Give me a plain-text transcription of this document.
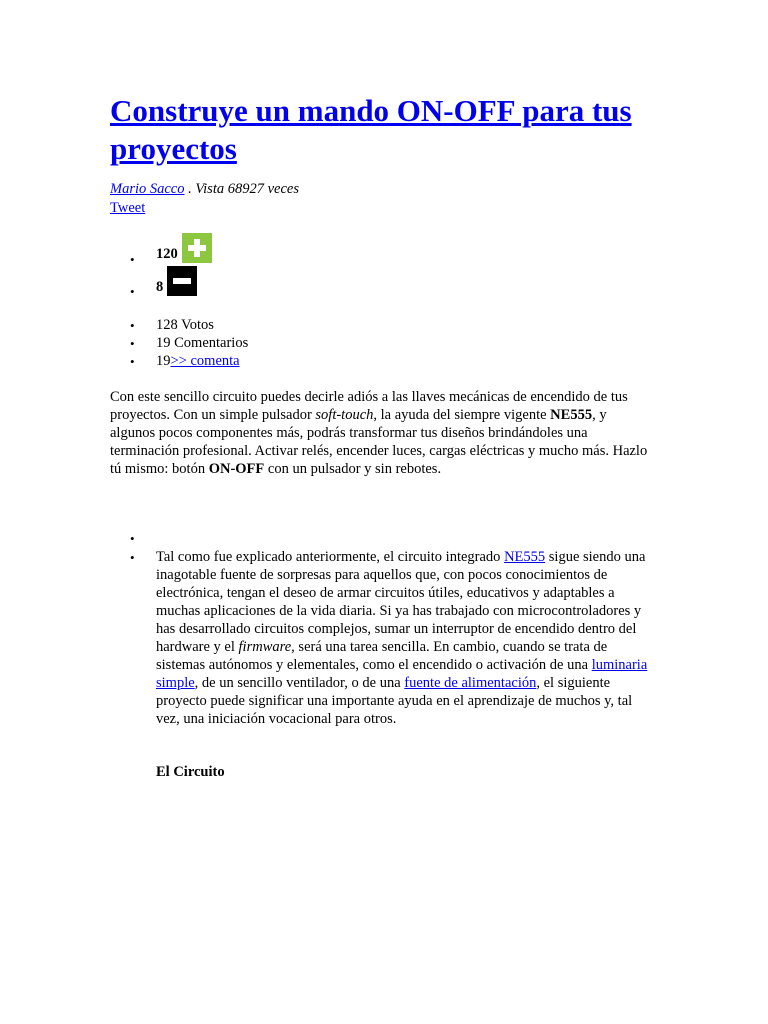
Construye un mando ON-OFF para tus proyectos
Mario Sacco . Vista 68927 veces
Tweet
• 120
• 8
• 128 Votos
• 19 Comentarios
• 19>> comenta

Con este sencillo circuito puedes decirle adiós a las llaves mecánicas de encendido de tus proyectos. Con un simple pulsador soft-touch, la ayuda del siempre vigente NE555, y algunos pocos componentes más, podrás transformar tus diseños brindándoles una terminación profesional. Activar relés, encender luces, cargas eléctricas y mucho más. Hazlo tú mismo: botón ON-OFF con un pulsador y sin rebotes.

•
• Tal como fue explicado anteriormente, el circuito integrado NE555 sigue siendo una inagotable fuente de sorpresas para aquellos que, con pocos conocimientos de electrónica, tengan el deseo de armar circuitos útiles, educativos y adaptables a muchas aplicaciones de la vida diaria. Si ya has trabajado con microcontroladores y has desarrollado circuitos complejos, sumar un interruptor de encendido dentro del hardware y el firmware, será una tarea sencilla. En cambio, cuando se trata de sistemas autónomos y elementales, como el encendido o activación de una luminaria simple, de un sencillo ventilador, o de una fuente de alimentación, el siguiente proyecto puede significar una importante ayuda en el aprendizaje de muchos y, tal vez, una iniciación vocacional para otros.

El Circuito
